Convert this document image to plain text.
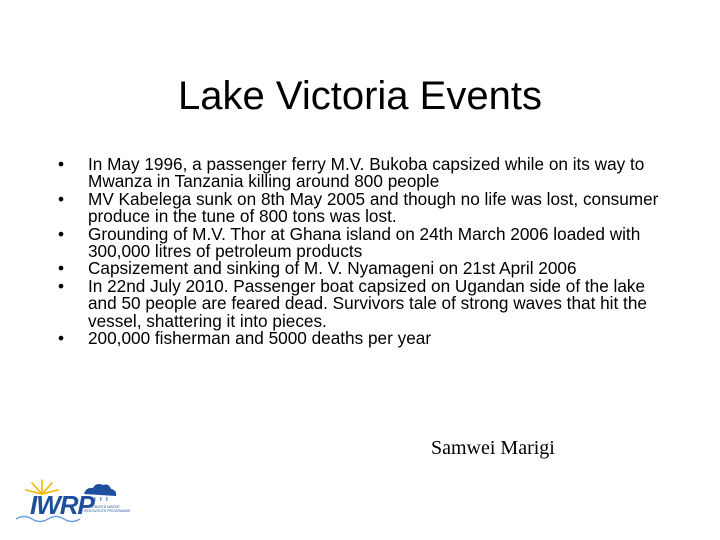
Lake Victoria Events
•	In May 1996, a passenger ferry M.V. Bukoba capsized while on its way to Mwanza in Tanzania killing around 800 people
•	MV Kabelega sunk on 8th May 2005 and though no life was lost, consumer produce in the tune of 800 tons was lost.
•	Grounding of M.V. Thor at Ghana island on 24th March 2006 loaded with 300,000 litres of petroleum products
•	Capsizement and sinking of M. V. Nyamageni on 21st April 2006
•	In 22nd July 2010. Passenger boat capsized on Ugandan side of the lake and 50 people are feared dead. Survivors tale of strong waves that hit the vessel, shattering it into pieces.
•	200,000 fisherman and 5000 deaths per year
Samwei Marigi
IWRP
INTEGRATED WATER RESOURCES PROGRAMME
